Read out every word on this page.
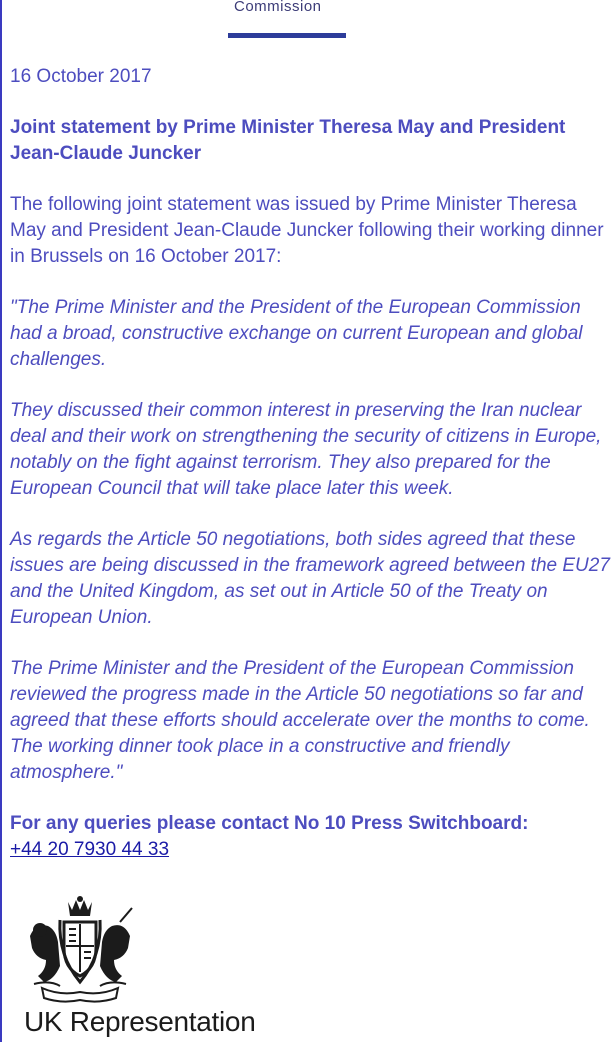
Commission

16 October 2017

Joint statement by Prime Minister Theresa May and President Jean-Claude Juncker

The following joint statement was issued by Prime Minister Theresa May and President Jean-Claude Juncker following their working dinner in Brussels on 16 October 2017:

"The Prime Minister and the President of the European Commission had a broad, constructive exchange on current European and global challenges.

They discussed their common interest in preserving the Iran nuclear deal and their work on strengthening the security of citizens in Europe, notably on the fight against terrorism. They also prepared for the European Council that will take place later this week.

As regards the Article 50 negotiations, both sides agreed that these issues are being discussed in the framework agreed between the EU27 and the United Kingdom, as set out in Article 50 of the Treaty on European Union.

The Prime Minister and the President of the European Commission reviewed the progress made in the Article 50 negotiations so far and agreed that these efforts should accelerate over the months to come. The working dinner took place in a constructive and friendly atmosphere."

For any queries please contact No 10 Press Switchboard:

+44 20 7930 44 33
UK Representation
